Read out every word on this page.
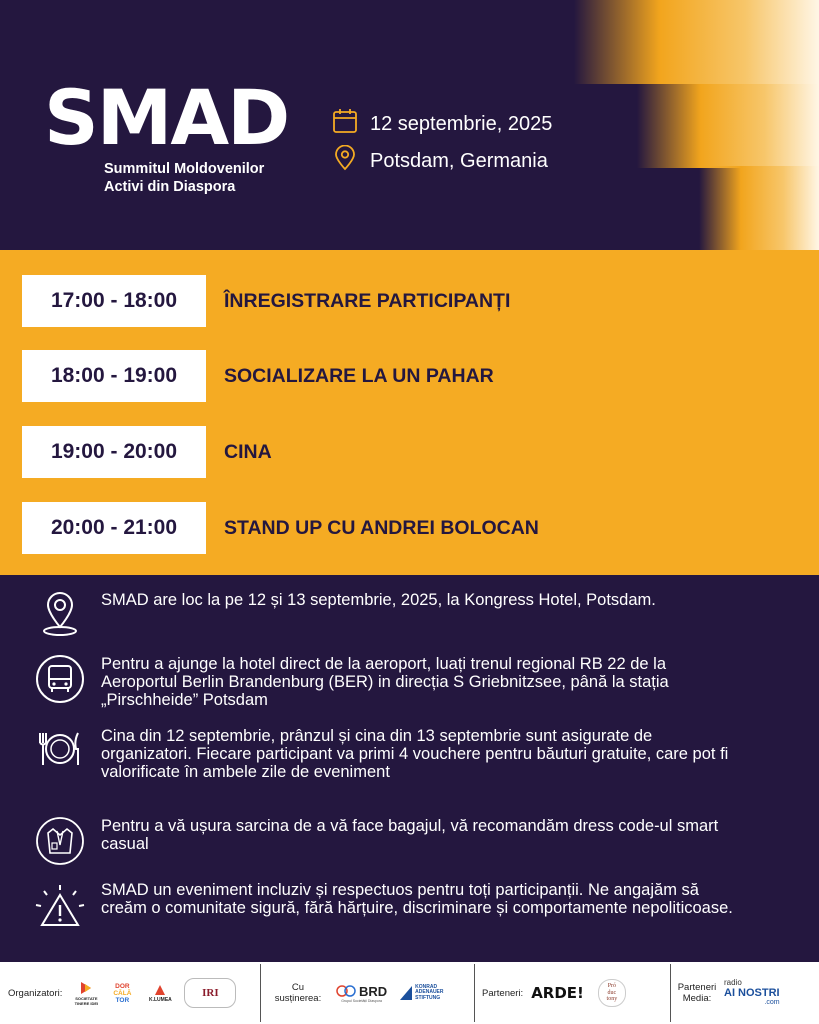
SMAD
Summitul Moldovenilor
Activi din Diaspora
12 septembrie, 2025
Potsdam, Germania
17:00 - 18:00	ÎNREGISTRARE PARTICIPANȚI
18:00 - 19:00	SOCIALIZARE LA UN PAHAR
19:00 - 20:00	CINA
20:00 - 21:00	STAND UP CU ANDREI BOLOCAN
SMAD are loc la pe 12 și 13 septembrie, 2025, la Kongress Hotel, Potsdam.
Pentru a ajunge la hotel direct de la aeroport, luați trenul regional RB 22 de la Aeroportul Berlin Brandenburg (BER) in direcția S Griebnitzsee, până la stația „Pirschheide” Potsdam
Cina din 12 septembrie, prânzul și cina din 13 septembrie sunt asigurate de organizatori. Fiecare participant va primi 4 vouchere pentru băuturi gratuite, care pot fi valorificate în ambele zile de eveniment
Pentru a vă ușura sarcina de a vă face bagajul, vă recomandăm dress code-ul smart casual
SMAD un eveniment incluziv și respectuos pentru toți participanții. Ne angajăm să creăm o comunitate sigură, fără hărțuire, discriminare și comportamente nepoliticoase.
Organizatori:	SOCIETATE TINERE IDEI
DOR
CĂLĂ
TOR	K.LUMEA
IRI	Cu
susținerea:	BRD
Grupul Societății Diaspora
KONRAD
ADENAUER
STIFTUNG	Parteneri: ARDE!	Pró
duc
tony
Parteneri
Media:
radio
AI NOSTRI
.com
